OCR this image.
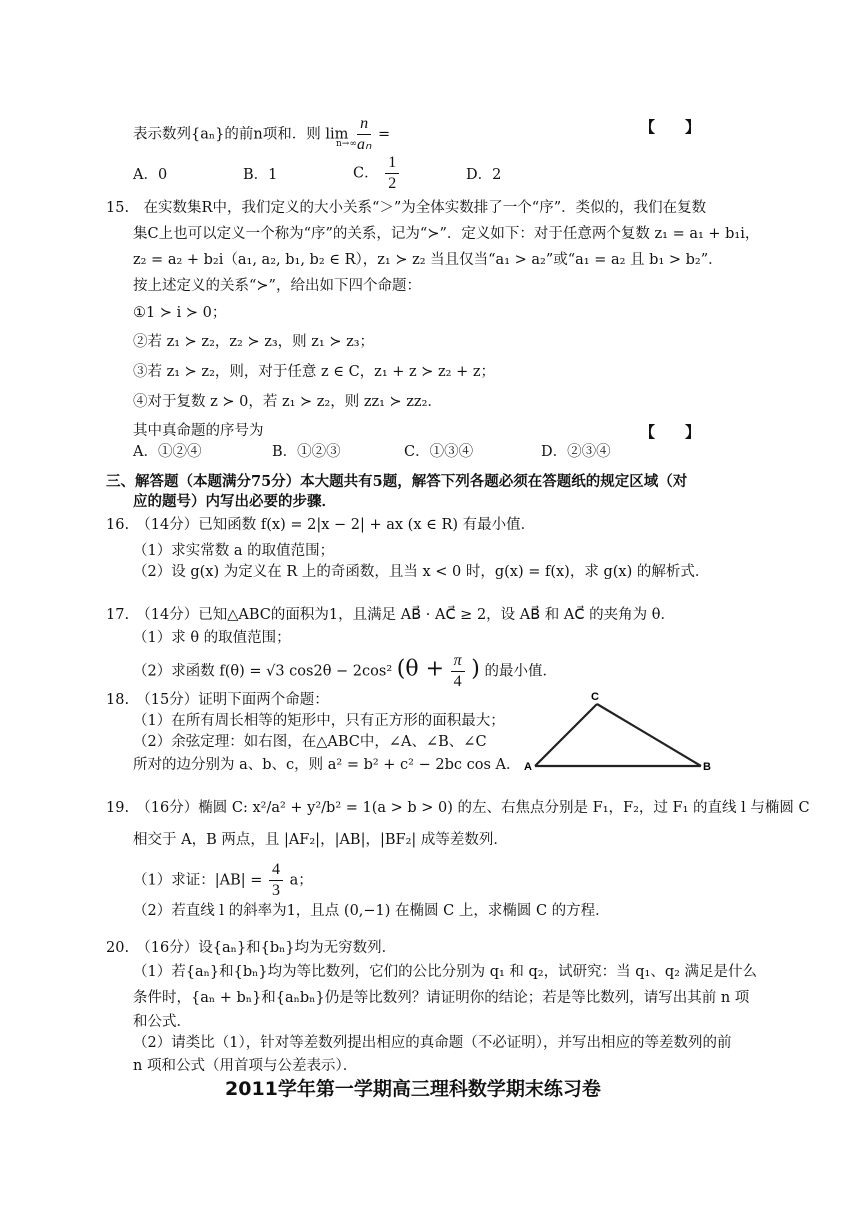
表示数列{aₙ}的前n项和．则 $\lim \frac{n}{\text{aₙ}}$ =
n→∞
【　　】
A．0	B．1	C． $\frac{1}{2}$	D．2
15.　在实数集R中，我们定义的大小关系“＞”为全体实数排了一个“序”．类似的，我们在复数
集C上也可以定义一个称为“序”的关系，记为“≻”．定义如下：对于任意两个复数 z₁ = a₁ + b₁i，
z₂ = a₂ + b₂i（a₁, a₂, b₁, b₂ ∈ R），z₁ ≻ z₂ 当且仅当“a₁ > a₂”或“a₁ = a₂ 且 b₁ > b₂”．
按上述定义的关系“≻”，给出如下四个命题：
①1 ≻ i ≻ 0；
②若 z₁ ≻ z₂，z₂ ≻ z₃，则 z₁ ≻ z₃；
③若 z₁ ≻ z₂，则，对于任意 z ∈ C，z₁ + z ≻ z₂ + z；
④对于复数 z ≻ 0，若 z₁ ≻ z₂，则 zz₁ ≻ zz₂．
其中真命题的序号为	【　　】
A．①②④	B．①②③	C．①③④	D．②③④
三、解答题（本题满分75分）本大题共有5题，解答下列各题必须在答题纸的规定区域（对
应的题号）内写出必要的步骤．
16.　（14分）已知函数 f(x) = 2|x − 2| + ax (x ∈ R) 有最小值．
（1）求实常数 a 的取值范围；
（2）设 g(x) 为定义在 R 上的奇函数，且当 x < 0 时，g(x) = f(x)，求 g(x) 的解析式．
17.　（14分）已知△ABC的面积为1，且满足 AB⃗ · AC⃗ ≥ 2，设 AB⃗ 和 AC⃗ 的夹角为 θ．
（1）求 θ 的取值范围；
（2）求函数 f(θ) = √3 cos2θ − 2cos² ($\theta + \frac{\pi}{4}$ ) 的最小值．
18.　（15分）证明下面两个命题：
（1）在所有周长相等的矩形中，只有正方形的面积最大；
（2）余弦定理：如右图，在△ABC中，∠A、∠B、∠C
所对的边分别为 a、b、c，则 a² = b² + c² − 2bc cos A． A	B
C
19.　（16分）椭圆 C: x²/a² + y²/b² = 1(a > b > 0) 的左、右焦点分别是 F₁，F₂，过 F₁ 的直线 l 与椭圆 C
相交于 A，B 两点，且 |AF₂|，|AB|，|BF₂| 成等差数列．
（1）求证：$|AB| = \frac{4}{3}$ a；
（2）若直线 l 的斜率为1，且点 (0,−1) 在椭圆 C 上，求椭圆 C 的方程．
20.　（16分）设{aₙ}和{bₙ}均为无穷数列．
（1）若{aₙ}和{bₙ}均为等比数列，它们的公比分别为 q₁ 和 q₂，试研究：当 q₁、q₂ 满足是什么
条件时，{aₙ + bₙ}和{aₙbₙ}仍是等比数列？请证明你的结论；若是等比数列，请写出其前 n 项
和公式．
（2）请类比（1），针对等差数列提出相应的真命题（不必证明），并写出相应的等差数列的前
n 项和公式（用首项与公差表示）．
2011学年第一学期高三理科数学期末练习卷
